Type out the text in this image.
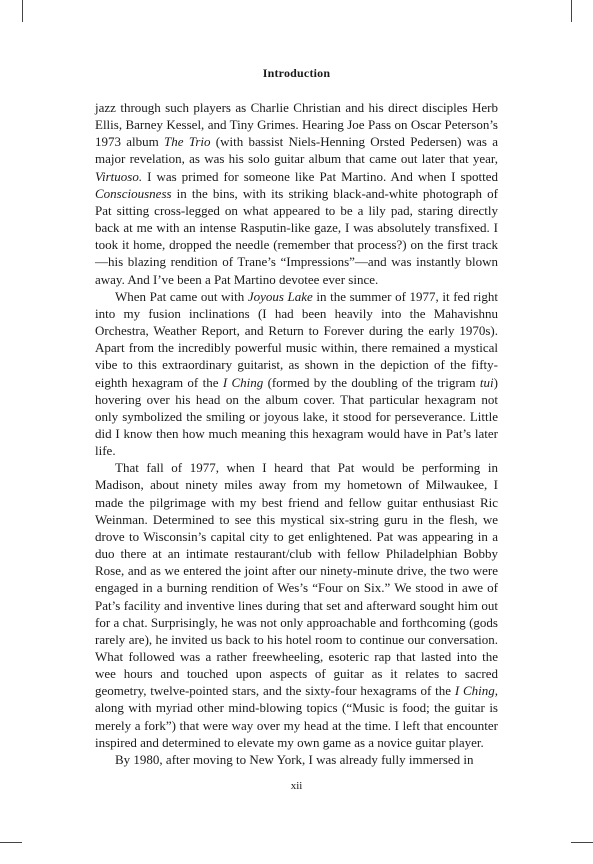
Introduction

jazz through such players as Charlie Christian and his direct disciples Herb Ellis, Barney Kessel, and Tiny Grimes. Hearing Joe Pass on Oscar Peterson’s 1973 album The Trio (with bassist Niels-Henning Orsted Pedersen) was a major revelation, as was his solo guitar album that came out later that year, Virtuoso. I was primed for someone like Pat Martino. And when I spotted Consciousness in the bins, with its striking black-and-white photograph of Pat sitting cross-legged on what appeared to be a lily pad, staring directly back at me with an intense Rasputin-like gaze, I was absolutely transfixed. I took it home, dropped the needle (remember that process?) on the first track—his blazing rendition of Trane’s “Impressions”—and was instantly blown away. And I’ve been a Pat Martino devotee ever since.

When Pat came out with Joyous Lake in the summer of 1977, it fed right into my fusion inclinations (I had been heavily into the Mahavishnu Orchestra, Weather Report, and Return to Forever during the early 1970s). Apart from the incredibly powerful music within, there remained a mystical vibe to this extraordinary guitarist, as shown in the depiction of the fifty-eighth hexagram of the I Ching (formed by the doubling of the trigram tui) hovering over his head on the album cover. That particular hexagram not only symbolized the smiling or joyous lake, it stood for perseverance. Little did I know then how much meaning this hexagram would have in Pat’s later life.

That fall of 1977, when I heard that Pat would be performing in Madison, about ninety miles away from my hometown of Milwaukee, I made the pilgrimage with my best friend and fellow guitar enthusiast Ric Weinman. Determined to see this mystical six-string guru in the flesh, we drove to Wisconsin’s capital city to get enlightened. Pat was appearing in a duo there at an intimate restaurant/club with fellow Philadelphian Bobby Rose, and as we entered the joint after our ninety-minute drive, the two were engaged in a burning rendition of Wes’s “Four on Six.” We stood in awe of Pat’s facility and inventive lines during that set and afterward sought him out for a chat. Surprisingly, he was not only approachable and forthcoming (gods rarely are), he invited us back to his hotel room to continue our conversation. What followed was a rather freewheeling, esoteric rap that lasted into the wee hours and touched upon aspects of guitar as it relates to sacred geometry, twelve-pointed stars, and the sixty-four hexagrams of the I Ching, along with myriad other mind-blowing topics (“Music is food; the guitar is merely a fork”) that were way over my head at the time. I left that encounter inspired and determined to elevate my own game as a novice guitar player.

By 1980, after moving to New York, I was already fully immersed in

xii
